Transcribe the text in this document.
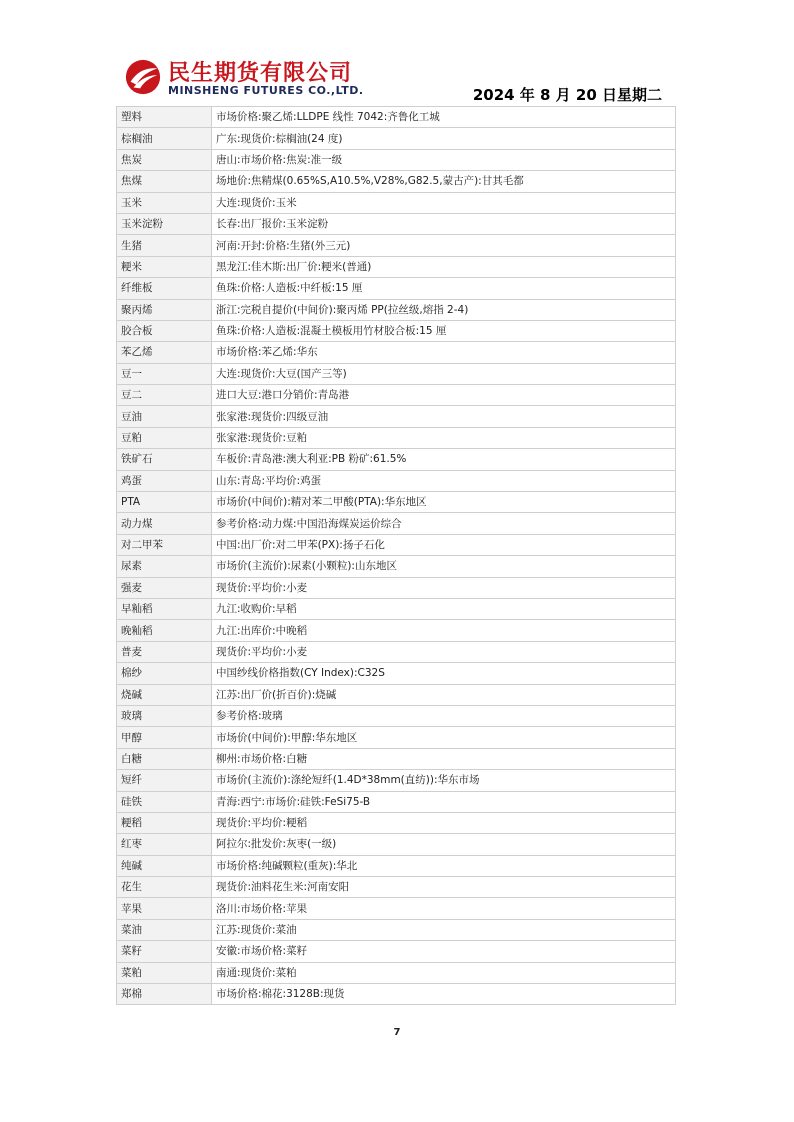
民生期货有限公司
MINSHENG FUTURES CO.,LTD.	2024 年 8 月 20 日星期二
塑料	市场价格:聚乙烯:LLDPE 线性 7042:齐鲁化工城
棕榈油	广东:现货价:棕榈油(24 度)
焦炭	唐山:市场价格:焦炭:准一级
焦煤	场地价:焦精煤(0.65%S,A10.5%,V28%,G82.5,蒙古产):甘其毛都
玉米	大连:现货价:玉米
玉米淀粉	长春:出厂报价:玉米淀粉
生猪	河南:开封:价格:生猪(外三元)
粳米	黑龙江:佳木斯:出厂价:粳米(普通)
纤维板	鱼珠:价格:人造板:中纤板:15 厘
聚丙烯	浙江:完税自提价(中间价):聚丙烯 PP(拉丝级,熔指 2-4)
胶合板	鱼珠:价格:人造板:混凝土模板用竹材胶合板:15 厘
苯乙烯	市场价格:苯乙烯:华东
豆一	大连:现货价:大豆(国产三等)
豆二	进口大豆:港口分销价:青岛港
豆油	张家港:现货价:四级豆油
豆粕	张家港:现货价:豆粕
铁矿石	车板价:青岛港:澳大利亚:PB 粉矿:61.5%
鸡蛋	山东:青岛:平均价:鸡蛋
PTA	市场价(中间价):精对苯二甲酸(PTA):华东地区
动力煤	参考价格:动力煤:中国沿海煤炭运价综合
对二甲苯	中国:出厂价:对二甲苯(PX):扬子石化
尿素	市场价(主流价):尿素(小颗粒):山东地区
强麦	现货价:平均价:小麦
早籼稻	九江:收购价:早稻
晚籼稻	九江:出库价:中晚稻
普麦	现货价:平均价:小麦
棉纱	中国纱线价格指数(CY Index):C32S
烧碱	江苏:出厂价(折百价):烧碱
玻璃	参考价格:玻璃
甲醇	市场价(中间价):甲醇:华东地区
白糖	柳州:市场价格:白糖
短纤	市场价(主流价):涤纶短纤(1.4D*38mm(直纺)):华东市场
硅铁	青海:西宁:市场价:硅铁:FeSi75-B
粳稻	现货价:平均价:粳稻
红枣	阿拉尔:批发价:灰枣(一级)
纯碱	市场价格:纯碱颗粒(重灰):华北
花生	现货价:油料花生米:河南安阳
苹果	洛川:市场价格:苹果
菜油	江苏:现货价:菜油
菜籽	安徽:市场价格:菜籽
菜粕	南通:现货价:菜粕
郑棉	市场价格:棉花:3128B:现货
7
